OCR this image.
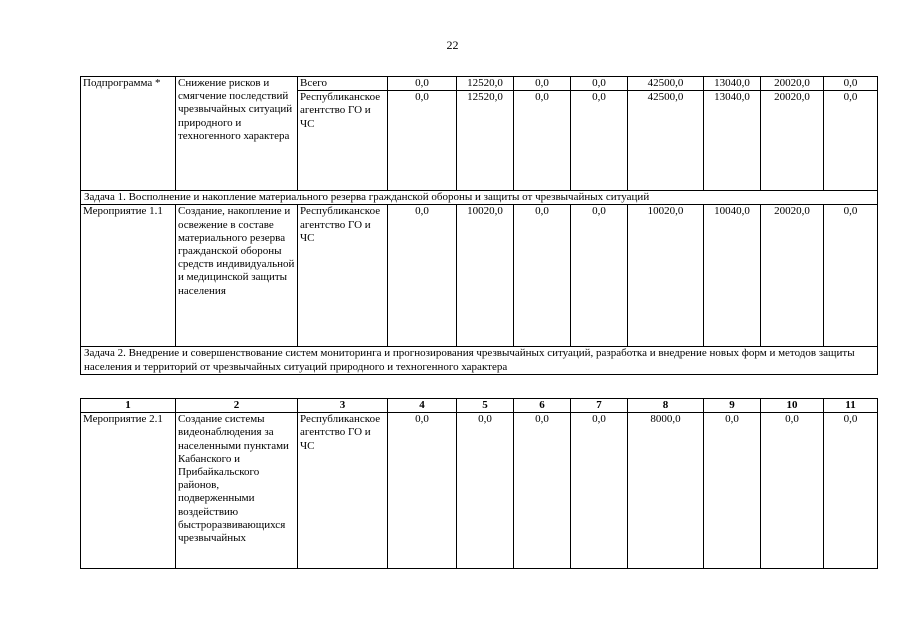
22
Подпрограмма *	Снижение рисков и смягчение последствий чрезвычайных ситуаций природного и техногенного характера	Всего	0,0	12520,0	0,0	0,0	42500,0	13040,0	20020,0	0,0
		Республиканское агентство ГО и ЧС	0,0	12520,0	0,0	0,0	42500,0	13040,0	20020,0	0,0
Задача 1. Восполнение и накопление материального резерва гражданской обороны и защиты от чрезвычайных ситуаций										
Мероприятие 1.1	Создание, накопление и освежение в составе материального резерва гражданской обороны средств индивидуальной и медицинской защиты населения	Республиканское агентство ГО и ЧС	0,0	10020,0	0,0	0,0	10020,0	10040,0	20020,0	0,0
Задача 2. Внедрение и совершенствование систем мониторинга и прогнозирования чрезвычайных ситуаций, разработка и внедрение новых форм и методов защиты населения и территорий от чрезвычайных ситуаций природного и техногенного характера										
1	2	3	4	5	6	7	8	9	10	11
Мероприятие 2.1	Создание системы видеонаблюдения за населенными пунктами Кабанского и Прибайкальского районов, подверженными воздействию быстроразвивающихся чрезвычайных	Республиканское агентство ГО и ЧС	0,0	0,0	0,0	0,0	8000,0	0,0	0,0	0,0
